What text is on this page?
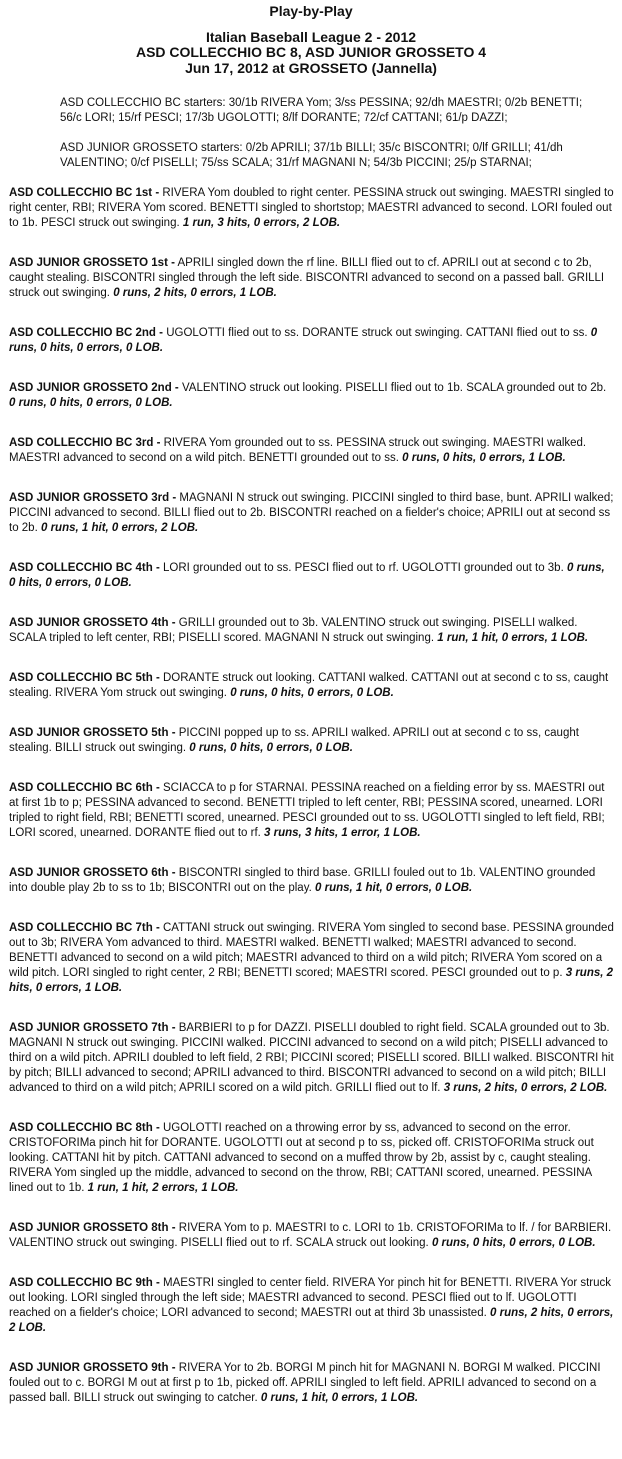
Play-by-Play
Italian Baseball League 2 - 2012
ASD COLLECCHIO BC 8, ASD JUNIOR GROSSETO 4
Jun 17, 2012 at GROSSETO (Jannella)

ASD COLLECCHIO BC starters: 30/1b RIVERA Yom; 3/ss PESSINA; 92/dh MAESTRI; 0/2b BENETTI; 56/c LORI; 15/rf PESCI; 17/3b UGOLOTTI; 8/lf DORANTE; 72/cf CATTANI; 61/p DAZZI;

ASD JUNIOR GROSSETO starters: 0/2b APRILI; 37/1b BILLI; 35/c BISCONTRI; 0/lf GRILLI; 41/dh VALENTINO; 0/cf PISELLI; 75/ss SCALA; 31/rf MAGNANI N; 54/3b PICCINI; 25/p STARNAI;

ASD COLLECCHIO BC 1st - RIVERA Yom doubled to right center. PESSINA struck out swinging. MAESTRI singled to right center, RBI; RIVERA Yom scored. BENETTI singled to shortstop; MAESTRI advanced to second. LORI fouled out to 1b. PESCI struck out swinging. 1 run, 3 hits, 0 errors, 2 LOB.

ASD JUNIOR GROSSETO 1st - APRILI singled down the rf line. BILLI flied out to cf. APRILI out at second c to 2b, caught stealing. BISCONTRI singled through the left side. BISCONTRI advanced to second on a passed ball. GRILLI struck out swinging. 0 runs, 2 hits, 0 errors, 1 LOB.

ASD COLLECCHIO BC 2nd - UGOLOTTI flied out to ss. DORANTE struck out swinging. CATTANI flied out to ss. 0 runs, 0 hits, 0 errors, 0 LOB.

ASD JUNIOR GROSSETO 2nd - VALENTINO struck out looking. PISELLI flied out to 1b. SCALA grounded out to 2b. 0 runs, 0 hits, 0 errors, 0 LOB.

ASD COLLECCHIO BC 3rd - RIVERA Yom grounded out to ss. PESSINA struck out swinging. MAESTRI walked. MAESTRI advanced to second on a wild pitch. BENETTI grounded out to ss. 0 runs, 0 hits, 0 errors, 1 LOB.

ASD JUNIOR GROSSETO 3rd - MAGNANI N struck out swinging. PICCINI singled to third base, bunt. APRILI walked; PICCINI advanced to second. BILLI flied out to 2b. BISCONTRI reached on a fielder's choice; APRILI out at second ss to 2b. 0 runs, 1 hit, 0 errors, 2 LOB.

ASD COLLECCHIO BC 4th - LORI grounded out to ss. PESCI flied out to rf. UGOLOTTI grounded out to 3b. 0 runs, 0 hits, 0 errors, 0 LOB.

ASD JUNIOR GROSSETO 4th - GRILLI grounded out to 3b. VALENTINO struck out swinging. PISELLI walked. SCALA tripled to left center, RBI; PISELLI scored. MAGNANI N struck out swinging. 1 run, 1 hit, 0 errors, 1 LOB.

ASD COLLECCHIO BC 5th - DORANTE struck out looking. CATTANI walked. CATTANI out at second c to ss, caught stealing. RIVERA Yom struck out swinging. 0 runs, 0 hits, 0 errors, 0 LOB.

ASD JUNIOR GROSSETO 5th - PICCINI popped up to ss. APRILI walked. APRILI out at second c to ss, caught stealing. BILLI struck out swinging. 0 runs, 0 hits, 0 errors, 0 LOB.

ASD COLLECCHIO BC 6th - SCIACCA to p for STARNAI. PESSINA reached on a fielding error by ss. MAESTRI out at first 1b to p; PESSINA advanced to second. BENETTI tripled to left center, RBI; PESSINA scored, unearned. LORI tripled to right field, RBI; BENETTI scored, unearned. PESCI grounded out to ss. UGOLOTTI singled to left field, RBI; LORI scored, unearned. DORANTE flied out to rf. 3 runs, 3 hits, 1 error, 1 LOB.

ASD JUNIOR GROSSETO 6th - BISCONTRI singled to third base. GRILLI fouled out to 1b. VALENTINO grounded into double play 2b to ss to 1b; BISCONTRI out on the play. 0 runs, 1 hit, 0 errors, 0 LOB.

ASD COLLECCHIO BC 7th - CATTANI struck out swinging. RIVERA Yom singled to second base. PESSINA grounded out to 3b; RIVERA Yom advanced to third. MAESTRI walked. BENETTI walked; MAESTRI advanced to second. BENETTI advanced to second on a wild pitch; MAESTRI advanced to third on a wild pitch; RIVERA Yom scored on a wild pitch. LORI singled to right center, 2 RBI; BENETTI scored; MAESTRI scored. PESCI grounded out to p. 3 runs, 2 hits, 0 errors, 1 LOB.

ASD JUNIOR GROSSETO 7th - BARBIERI to p for DAZZI. PISELLI doubled to right field. SCALA grounded out to 3b. MAGNANI N struck out swinging. PICCINI walked. PICCINI advanced to second on a wild pitch; PISELLI advanced to third on a wild pitch. APRILI doubled to left field, 2 RBI; PICCINI scored; PISELLI scored. BILLI walked. BISCONTRI hit by pitch; BILLI advanced to second; APRILI advanced to third. BISCONTRI advanced to second on a wild pitch; BILLI advanced to third on a wild pitch; APRILI scored on a wild pitch. GRILLI flied out to lf. 3 runs, 2 hits, 0 errors, 2 LOB.

ASD COLLECCHIO BC 8th - UGOLOTTI reached on a throwing error by ss, advanced to second on the error. CRISTOFORIMa pinch hit for DORANTE. UGOLOTTI out at second p to ss, picked off. CRISTOFORIMa struck out looking. CATTANI hit by pitch. CATTANI advanced to second on a muffed throw by 2b, assist by c, caught stealing. RIVERA Yom singled up the middle, advanced to second on the throw, RBI; CATTANI scored, unearned. PESSINA lined out to 1b. 1 run, 1 hit, 2 errors, 1 LOB.

ASD JUNIOR GROSSETO 8th - RIVERA Yom to p. MAESTRI to c. LORI to 1b. CRISTOFORIMa to lf. / for BARBIERI. VALENTINO struck out swinging. PISELLI flied out to rf. SCALA struck out looking. 0 runs, 0 hits, 0 errors, 0 LOB.

ASD COLLECCHIO BC 9th - MAESTRI singled to center field. RIVERA Yor pinch hit for BENETTI. RIVERA Yor struck out looking. LORI singled through the left side; MAESTRI advanced to second. PESCI flied out to lf. UGOLOTTI reached on a fielder's choice; LORI advanced to second; MAESTRI out at third 3b unassisted. 0 runs, 2 hits, 0 errors, 2 LOB.

ASD JUNIOR GROSSETO 9th - RIVERA Yor to 2b. BORGI M pinch hit for MAGNANI N. BORGI M walked. PICCINI fouled out to c. BORGI M out at first p to 1b, picked off. APRILI singled to left field. APRILI advanced to second on a passed ball. BILLI struck out swinging to catcher. 0 runs, 1 hit, 0 errors, 1 LOB.
